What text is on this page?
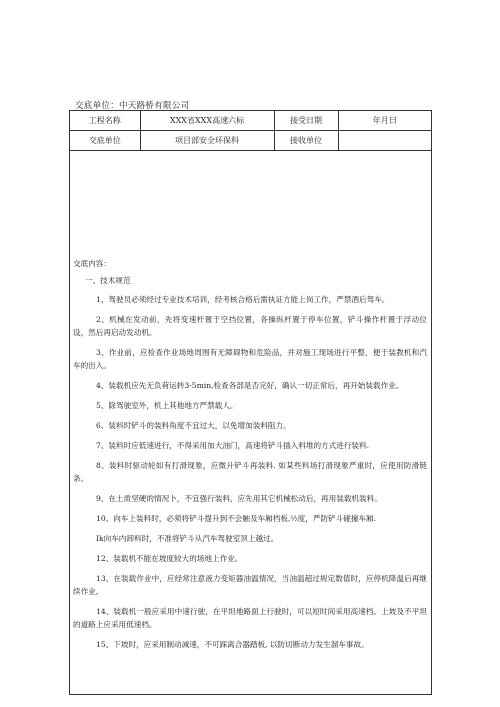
交底单位：中天路桥有限公司
工程名称	XXX省XXX高速六标	接受日期	年月曰
交底单位	项目部安全环保科	接收单位	
交底内容：
一、技术规范

1、驾驶员必须经过专业技术培训，经考核合格后需执证方能上岗工作，严禁酒后驾车。

2、机械在发动前，先将变速杆置于空挡位置，各操纵杆置于停车位置，铲斗操作杆置于浮动位设，然后再启动发动机。

3、作业前，应检查作业场地周围有无障碍物和危险品，并对施工现场进行平整，便于装教机和汽车的出入。

4、装载机应先无负荷运转3-5min,检查各部是否完好，确认一切正常后，再开始装载作业。

5、除驾驶室外，机上其他地方严禁载人。

6、装料时铲斗的装料角度不宜过大，以免增加装料阻力。

7、装料时应低速进行，不得采用加大油门，高速将铲斗插入料堆的方式进行装料.

8、装料时驱动轮如有打滑现象，应微升铲斗再装料. 如某些料场打滑现象严重时，应使用防滑链条。

9、在土质坚硬的情况卜，不宜强行装料，应先用其它机械松动后，再用装载机装料。

10、向车上装料时，必须将铲斗提升到不会触及车厢档板,½度，严防铲斗碰撞车厢.

Ik向车内卸料时，不准将铲斗从汽车驾驶室顶上越过。

12、装载机不能在坡度较大的场地上作业。

13、在装载作业中，应经常注意液力变矩器油温情况，当油温超过规定数值时，应停机降温后再继续作业。

14、装载机一般应采用中速行驶，在平坦地路面上行驶时，可以短时间采用高速档。上坡及不平坦的道路上应采用低速档。

15、下坡时，应采用制动减速，不可踩离合器踏板, 以防切断动力发生溜车事故。
